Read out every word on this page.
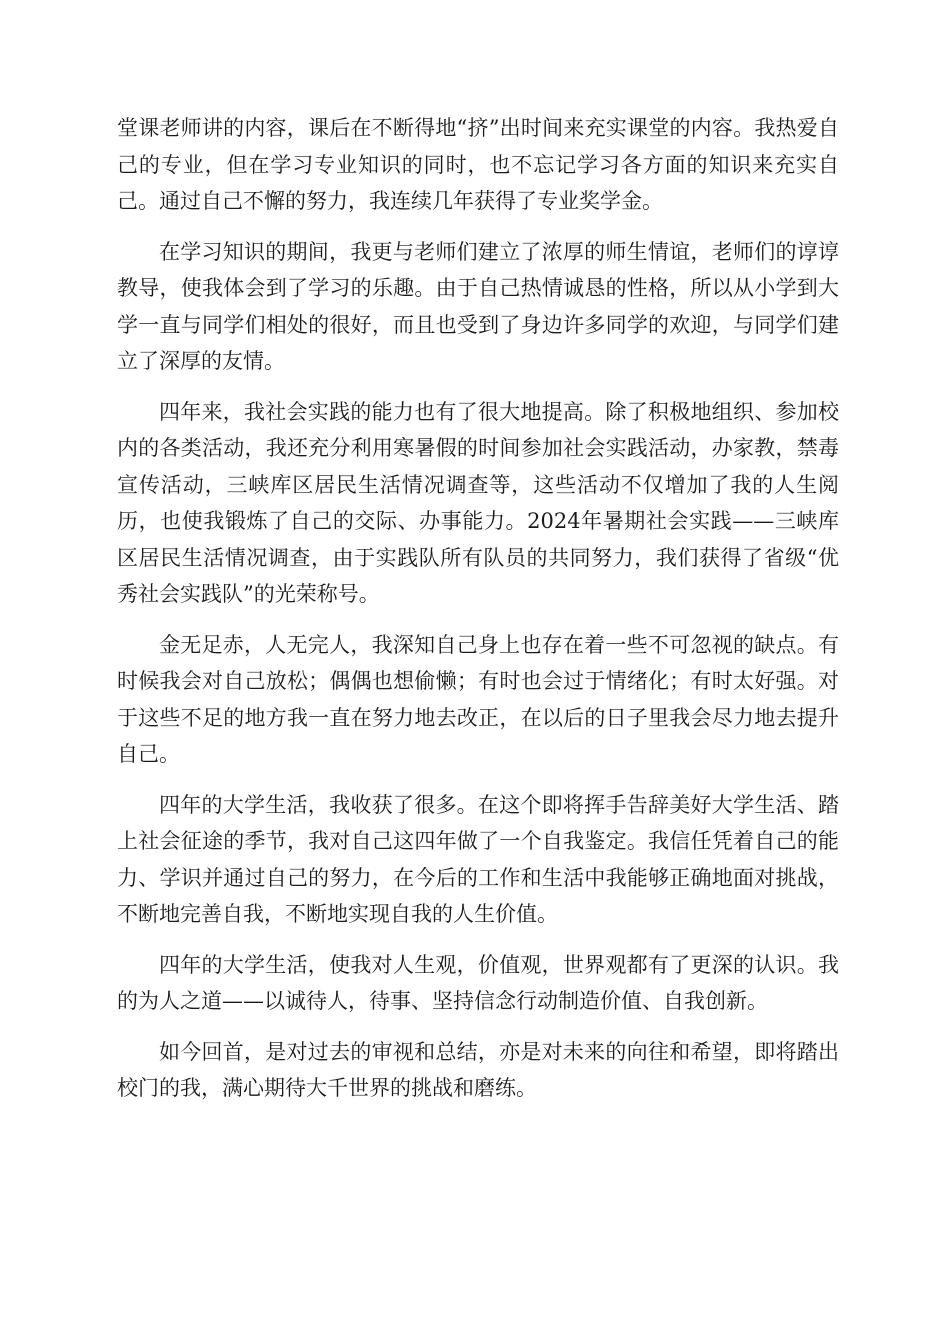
堂课老师讲的内容，课后在不断得地“挤”出时间来充实课堂的内容。我热爱自己的专业，但在学习专业知识的同时，也不忘记学习各方面的知识来充实自己。通过自己不懈的努力，我连续几年获得了专业奖学金。

在学习知识的期间，我更与老师们建立了浓厚的师生情谊，老师们的谆谆教导，使我体会到了学习的乐趣。由于自己热情诚恳的性格，所以从小学到大学一直与同学们相处的很好，而且也受到了身边许多同学的欢迎，与同学们建立了深厚的友情。

四年来，我社会实践的能力也有了很大地提高。除了积极地组织、参加校内的各类活动，我还充分利用寒暑假的时间参加社会实践活动，办家教，禁毒宣传活动，三峡库区居民生活情况调查等，这些活动不仅增加了我的人生阅历，也使我锻炼了自己的交际、办事能力。2024年暑期社会实践——三峡库区居民生活情况调查，由于实践队所有队员的共同努力，我们获得了省级“优秀社会实践队”的光荣称号。

金无足赤，人无完人，我深知自己身上也存在着一些不可忽视的缺点。有时候我会对自己放松；偶偶也想偷懒；有时也会过于情绪化；有时太好强。对于这些不足的地方我一直在努力地去改正，在以后的日子里我会尽力地去提升自己。

四年的大学生活，我收获了很多。在这个即将挥手告辞美好大学生活、踏上社会征途的季节，我对自己这四年做了一个自我鉴定。我信任凭着自己的能力、学识并通过自己的努力，在今后的工作和生活中我能够正确地面对挑战，不断地完善自我，不断地实现自我的人生价值。

四年的大学生活，使我对人生观，价值观，世界观都有了更深的认识。我的为人之道——以诚待人，待事、坚持信念行动制造价值、自我创新。

如今回首，是对过去的审视和总结，亦是对未来的向往和希望，即将踏出校门的我，满心期待大千世界的挑战和磨练。
